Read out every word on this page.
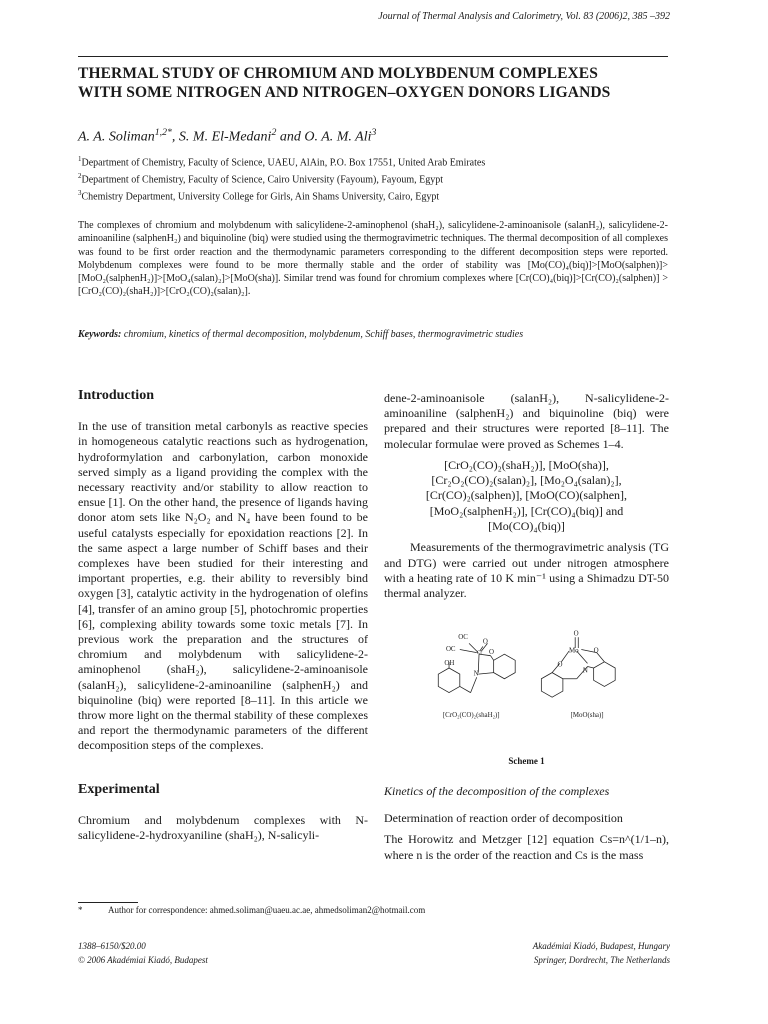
Journal of Thermal Analysis and Calorimetry, Vol. 83 (2006)2, 385 –392
THERMAL STUDY OF CHROMIUM AND MOLYBDENUM COMPLEXES
WITH SOME NITROGEN AND NITROGEN–OXYGEN DONORS LIGANDS
A. A. Soliman$^{1,2*}$, S. M. El-Medani$^2$ and O. A. M. Ali$^3$
$^1$Department of Chemistry, Faculty of Science, UAEU, AlAin, P.O. Box 17551, United Arab Emirates
$^2$Department of Chemistry, Faculty of Science, Cairo University (Fayoum), Fayoum, Egypt
$^3$Chemistry Department, University College for Girls, Ain Shams University, Cairo, Egypt

The complexes of chromium and molybdenum with salicylidene-2-aminophenol (shaH₂), salicylidene-2-aminoanisole (salanH₂), salicylidene-2-aminoaniline (salphenH₂) and biquinoline (biq) were studied using the thermogravimetric techniques. The thermal decomposition of all complexes was found to be first order reaction and the thermodynamic parameters corresponding to the different decomposition steps were reported. Molybdenum complexes were found to be more thermally stable and the order of stability was [Mo(CO)₄(biq)]>[MoO(salphen)]>[MoO₂(salphenH₂)]>[MoO₄(salan)₂]>[MoO(sha)]. Similar trend was found for chromium complexes where [Cr(CO)₄(biq)]>[Cr(CO)₂(salphen)] >[CrO₂(CO)₂(shaH₂)]>[CrO₂(CO)₂(salan)₂].

Keywords: chromium, kinetics of thermal decomposition, molybdenum, Schiff bases, thermogravimetric studies

Introduction

In the use of transition metal carbonyls as reactive species in homogeneous catalytic reactions such as hydrogenation, hydroformylation and carbonylation, carbon monoxide served simply as a ligand providing the complex with the necessary reactivity and/or stability to allow reaction to ensue [1]. On the other hand, the presence of ligands having donor atom sets like N₂O₂ and N₄ have been found to be useful catalysts especially for epoxidation reactions [2]. In the same aspect a large number of Schiff bases and their complexes have been studied for their interesting and important properties, e.g. their ability to reversibly bind oxygen [3], catalytic activity in the hydrogenation of olefins [4], transfer of an amino group [5], photochromic properties [6], complexing ability towards some toxic metals [7]. In previous work the preparation and the structures of chromium and molybdenum with salicylidene-2-aminophenol (shaH₂), salicylidene-2-aminoanisole (salanH₂), salicylidene-2-aminoaniline (salphenH₂) and biquinoline (biq) were reported [8–11]. In this article we throw more light on the thermal stability of these complexes and report the thermodynamic parameters of the different decomposition steps of the complexes.

Experimental

Chromium and molybdenum complexes with N-salicylidene-2-hydroxyaniline (shaH₂), N-salicyli-

dene-2-aminoanisole (salanH₂), N-salicylidene-2-aminoaniline (salphenH₂) and biquinoline (biq) were prepared and their structures were reported [8–11]. The molecular formulae were proved as Schemes 1–4.

[CrO₂(CO)₂(shaH₂)], [MoO(sha)],
[Cr₂O₂(CO)₂(salan)₂], [Mo₂O₄(salan)₂],
[Cr(CO)₂(salphen)], [MoO(CO)(salphen],
[MoO₂(salphenH₂)], [Cr(CO)₄(biq)] and
[Mo(CO)₄(biq)]

Measurements of the thermogravimetric analysis (TG and DTG) were carried out under nitrogen atmosphere with a heating rate of 10 K min⁻¹ using a Shimadzu DT-50 thermal analyzer.

OC
OC
Cr
O
O
OH
N
Mo
O
O
O
N
[CrO₂(CO)₂(shaH₂)]	[MoO(sha)]
Scheme 1
Kinetics of the decomposition of the complexes
Determination of reaction order of decomposition

The Horowitz and Metzger [12] equation Cs=n^(1/1–n), where n is the order of the reaction and Cs is the mass

*	Author for correspondence: ahmed.soliman@uaeu.ac.ae, ahmedsoliman2@hotmail.com
1388–6150/$20.00
© 2006 Akadémiai Kiadó, Budapest
Akadémiai Kiadó, Budapest, Hungary
Springer, Dordrecht, The Netherlands
